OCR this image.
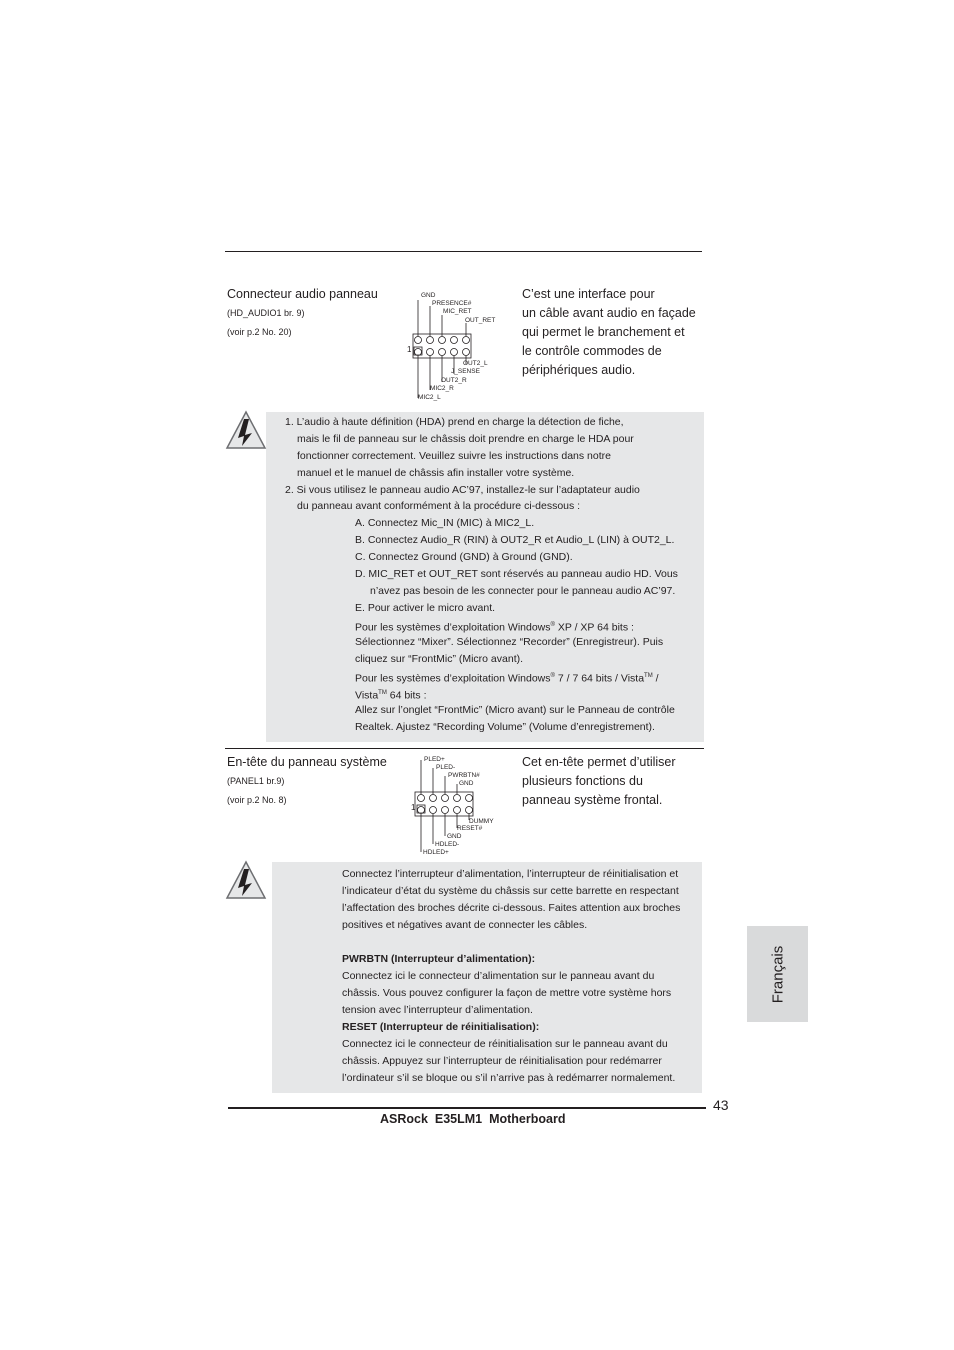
Connecteur audio panneau
(HD_AUDIO1 br. 9)
(voir p.2 No. 20)
C’est une interface pour
un câble avant audio en façade
qui permet le branchement et
le contrôle commodes de
périphériques audio.
GND
PRESENCE#
MIC_RET
OUT_RET
1
OUT2_L
J_SENSE
OUT2_R
MIC2_R
MIC2_L
1. L’audio à haute définition (HDA) prend en charge la détection de fiche,
mais le fil de panneau sur le châssis doit prendre en charge le HDA pour
fonctionner correctement. Veuillez suivre les instructions dans notre
manuel et le manuel de châssis afin installer votre système.
2. Si vous utilisez le panneau audio AC’97, installez-le sur l’adaptateur audio
du panneau avant conformément à la procédure ci-dessous :
A. Connectez Mic_IN (MIC) à MIC2_L.
B. Connectez Audio_R (RIN) à OUT2_R et Audio_L (LIN) à OUT2_L.
C. Connectez Ground (GND) à Ground (GND).
D. MIC_RET et OUT_RET sont réservés au panneau audio HD. Vous
n’avez pas besoin de les connecter pour le panneau audio AC’97.
E. Pour activer le micro avant.
Pour les systèmes d’exploitation Windows® XP / XP 64 bits :
Sélectionnez “Mixer”. Sélectionnez “Recorder” (Enregistreur). Puis
cliquez sur “FrontMic” (Micro avant).
Pour les systèmes d’exploitation Windows® 7 / 7 64 bits / Vista™ /
Vista™ 64 bits :
Allez sur l’onglet “FrontMic” (Micro avant) sur le Panneau de contrôle
Realtek. Ajustez “Recording Volume” (Volume d’enregistrement).
En-tête du panneau système
(PANEL1 br.9)
(voir p.2 No. 8)
Cet en-tête permet d’utiliser
plusieurs fonctions du
panneau système frontal.
PLED+
PLED-
PWRBTN#
GND
1
DUMMY
RESET#
GND
HDLED-
HDLED+
Connectez l’interrupteur d’alimentation, l’interrupteur de réinitialisation et
l’indicateur d’état du système du châssis sur cette barrette en respectant
l’affectation des broches décrite ci-dessous. Faites attention aux broches
positives et négatives avant de connecter les câbles.
PWRBTN (Interrupteur d’alimentation):
Connectez ici le connecteur d’alimentation sur le panneau avant du
châssis. Vous pouvez configurer la façon de mettre votre système hors
tension avec l’interrupteur d’alimentation.
RESET (Interrupteur de réinitialisation):
Connectez ici le connecteur de réinitialisation sur le panneau avant du
châssis. Appuyez sur l’interrupteur de réinitialisation pour redémarrer
l’ordinateur s’il se bloque ou s’il n’arrive pas à redémarrer normalement.
Français
43
ASRock  E35LM1  Motherboard
